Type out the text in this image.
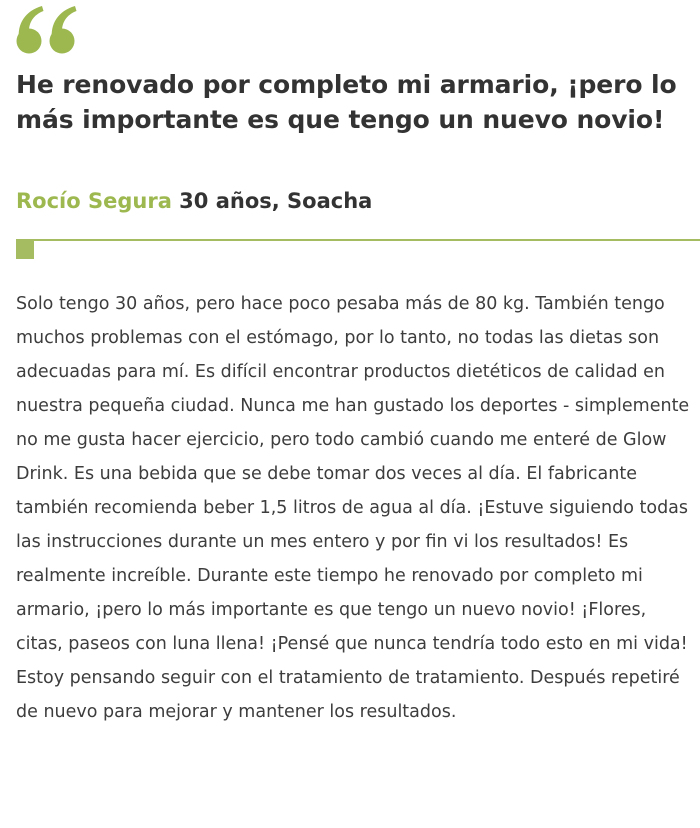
He renovado por completo mi armario, ¡pero lo más importante es que tengo un nuevo novio!

Rocío Segura 30 años, Soacha

Solo tengo 30 años, pero hace poco pesaba más de 80 kg. También tengo muchos problemas con el estómago, por lo tanto, no todas las dietas son adecuadas para mí. Es difícil encontrar productos dietéticos de calidad en nuestra pequeña ciudad. Nunca me han gustado los deportes - simplemente no me gusta hacer ejercicio, pero todo cambió cuando me enteré de Glow Drink. Es una bebida que se debe tomar dos veces al día. El fabricante también recomienda beber 1,5 litros de agua al día. ¡Estuve siguiendo todas las instrucciones durante un mes entero y por fin vi los resultados! Es realmente increíble. Durante este tiempo he renovado por completo mi armario, ¡pero lo más importante es que tengo un nuevo novio! ¡Flores, citas, paseos con luna llena! ¡Pensé que nunca tendría todo esto en mi vida! Estoy pensando seguir con el tratamiento de tratamiento. Después repetiré de nuevo para mejorar y mantener los resultados.
